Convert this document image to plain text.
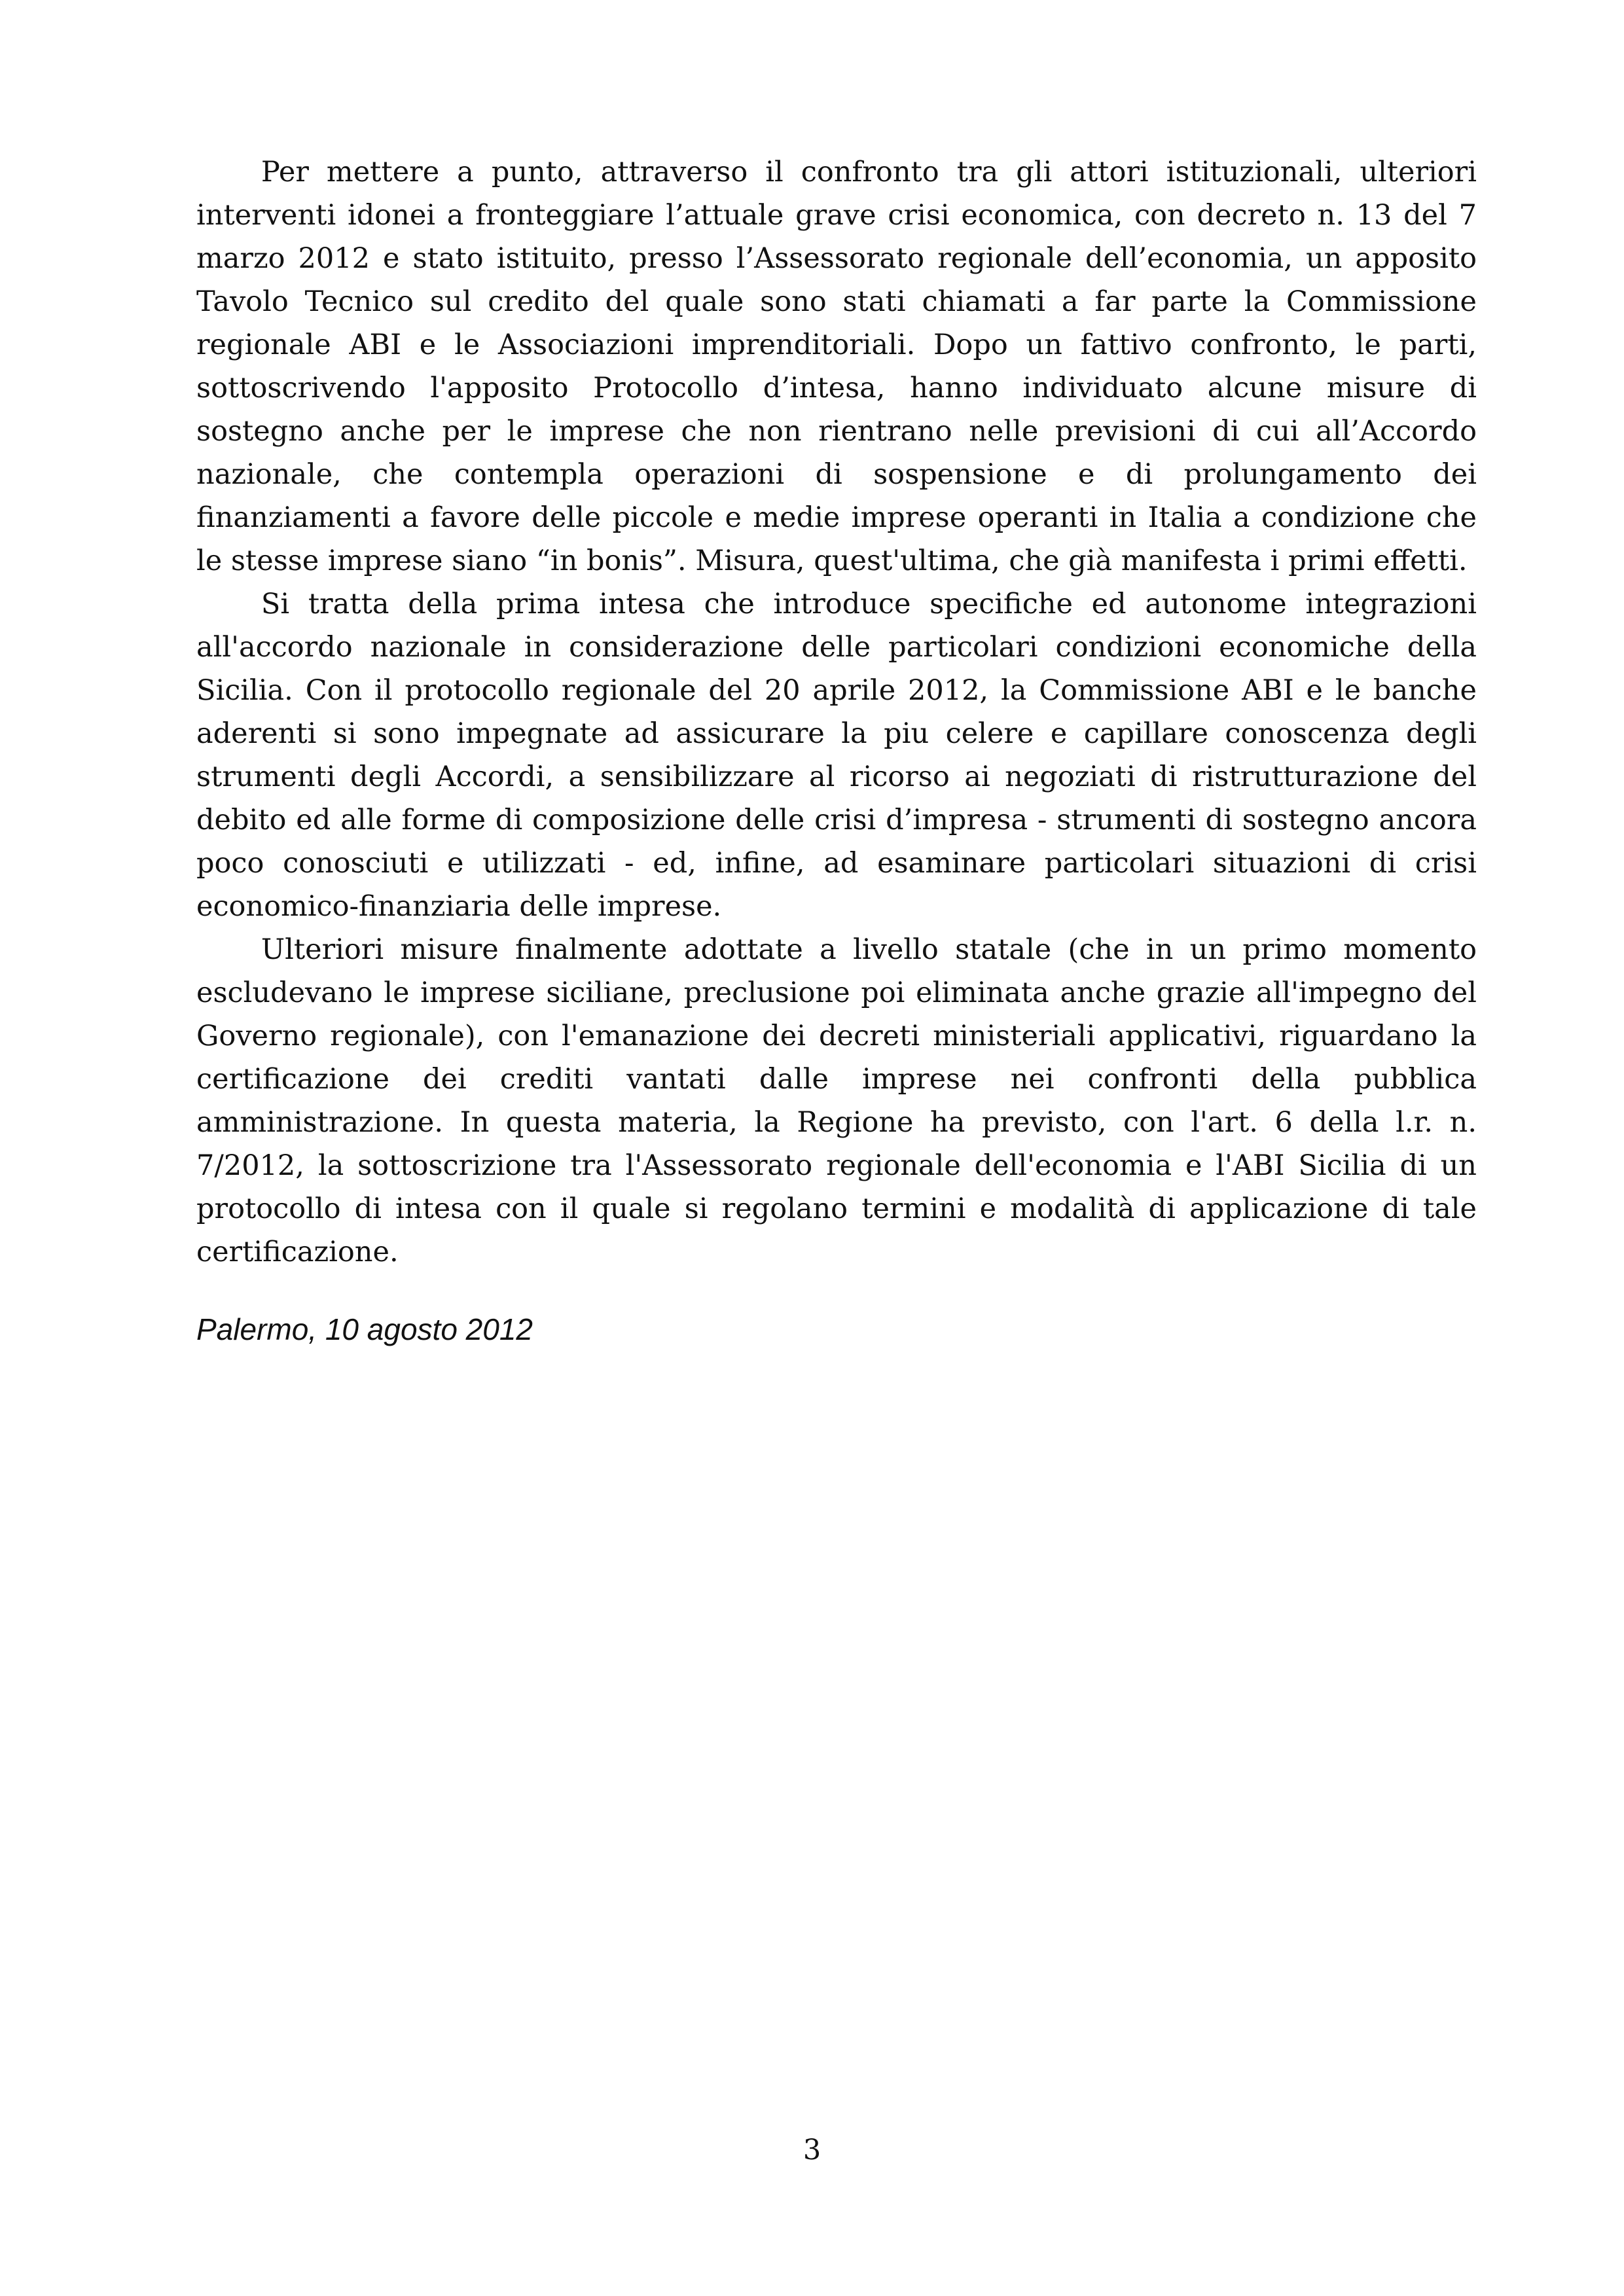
Per mettere a punto, attraverso il confronto tra gli attori istituzionali, ulteriori interventi idonei a fronteggiare l’attuale grave crisi economica, con decreto n. 13 del 7 marzo 2012 e stato istituito, presso l’Assessorato regionale dell’economia, un apposito Tavolo Tecnico sul credito del quale sono stati chiamati a far parte la Commissione regionale ABI e le Associazioni imprenditoriali. Dopo un fattivo confronto, le parti, sottoscrivendo l'apposito Protocollo d’intesa, hanno individuato alcune misure di sostegno anche per le imprese che non rientrano nelle previsioni di cui all’Accordo nazionale, che contempla operazioni di sospensione e di prolungamento dei finanziamenti a favore delle piccole e medie imprese operanti in Italia a condizione che le stesse imprese siano “in bonis”. Misura, quest'ultima, che già manifesta i primi effetti.

Si tratta della prima intesa che introduce specifiche ed autonome integrazioni all'accordo nazionale in considerazione delle particolari condizioni economiche della Sicilia. Con il protocollo regionale del 20 aprile 2012, la Commissione ABI e le banche aderenti si sono impegnate ad assicurare la piu celere e capillare conoscenza degli strumenti degli Accordi, a sensibilizzare al ricorso ai negoziati di ristrutturazione del debito ed alle forme di composizione delle crisi d’impresa - strumenti di sostegno ancora poco conosciuti e utilizzati - ed, infine, ad esaminare particolari situazioni di crisi economico-finanziaria delle imprese.

Ulteriori misure finalmente adottate a livello statale (che in un primo momento escludevano le imprese siciliane, preclusione poi eliminata anche grazie all'impegno del Governo regionale), con l'emanazione dei decreti ministeriali applicativi, riguardano la certificazione dei crediti vantati dalle imprese nei confronti della pubblica amministrazione. In questa materia, la Regione ha previsto, con l'art. 6 della l.r. n. 7/2012, la sottoscrizione tra l'Assessorato regionale dell'economia e l'ABI Sicilia di un protocollo di intesa con il quale si regolano termini e modalità di applicazione di tale certificazione.

Palermo, 10 agosto 2012

3
